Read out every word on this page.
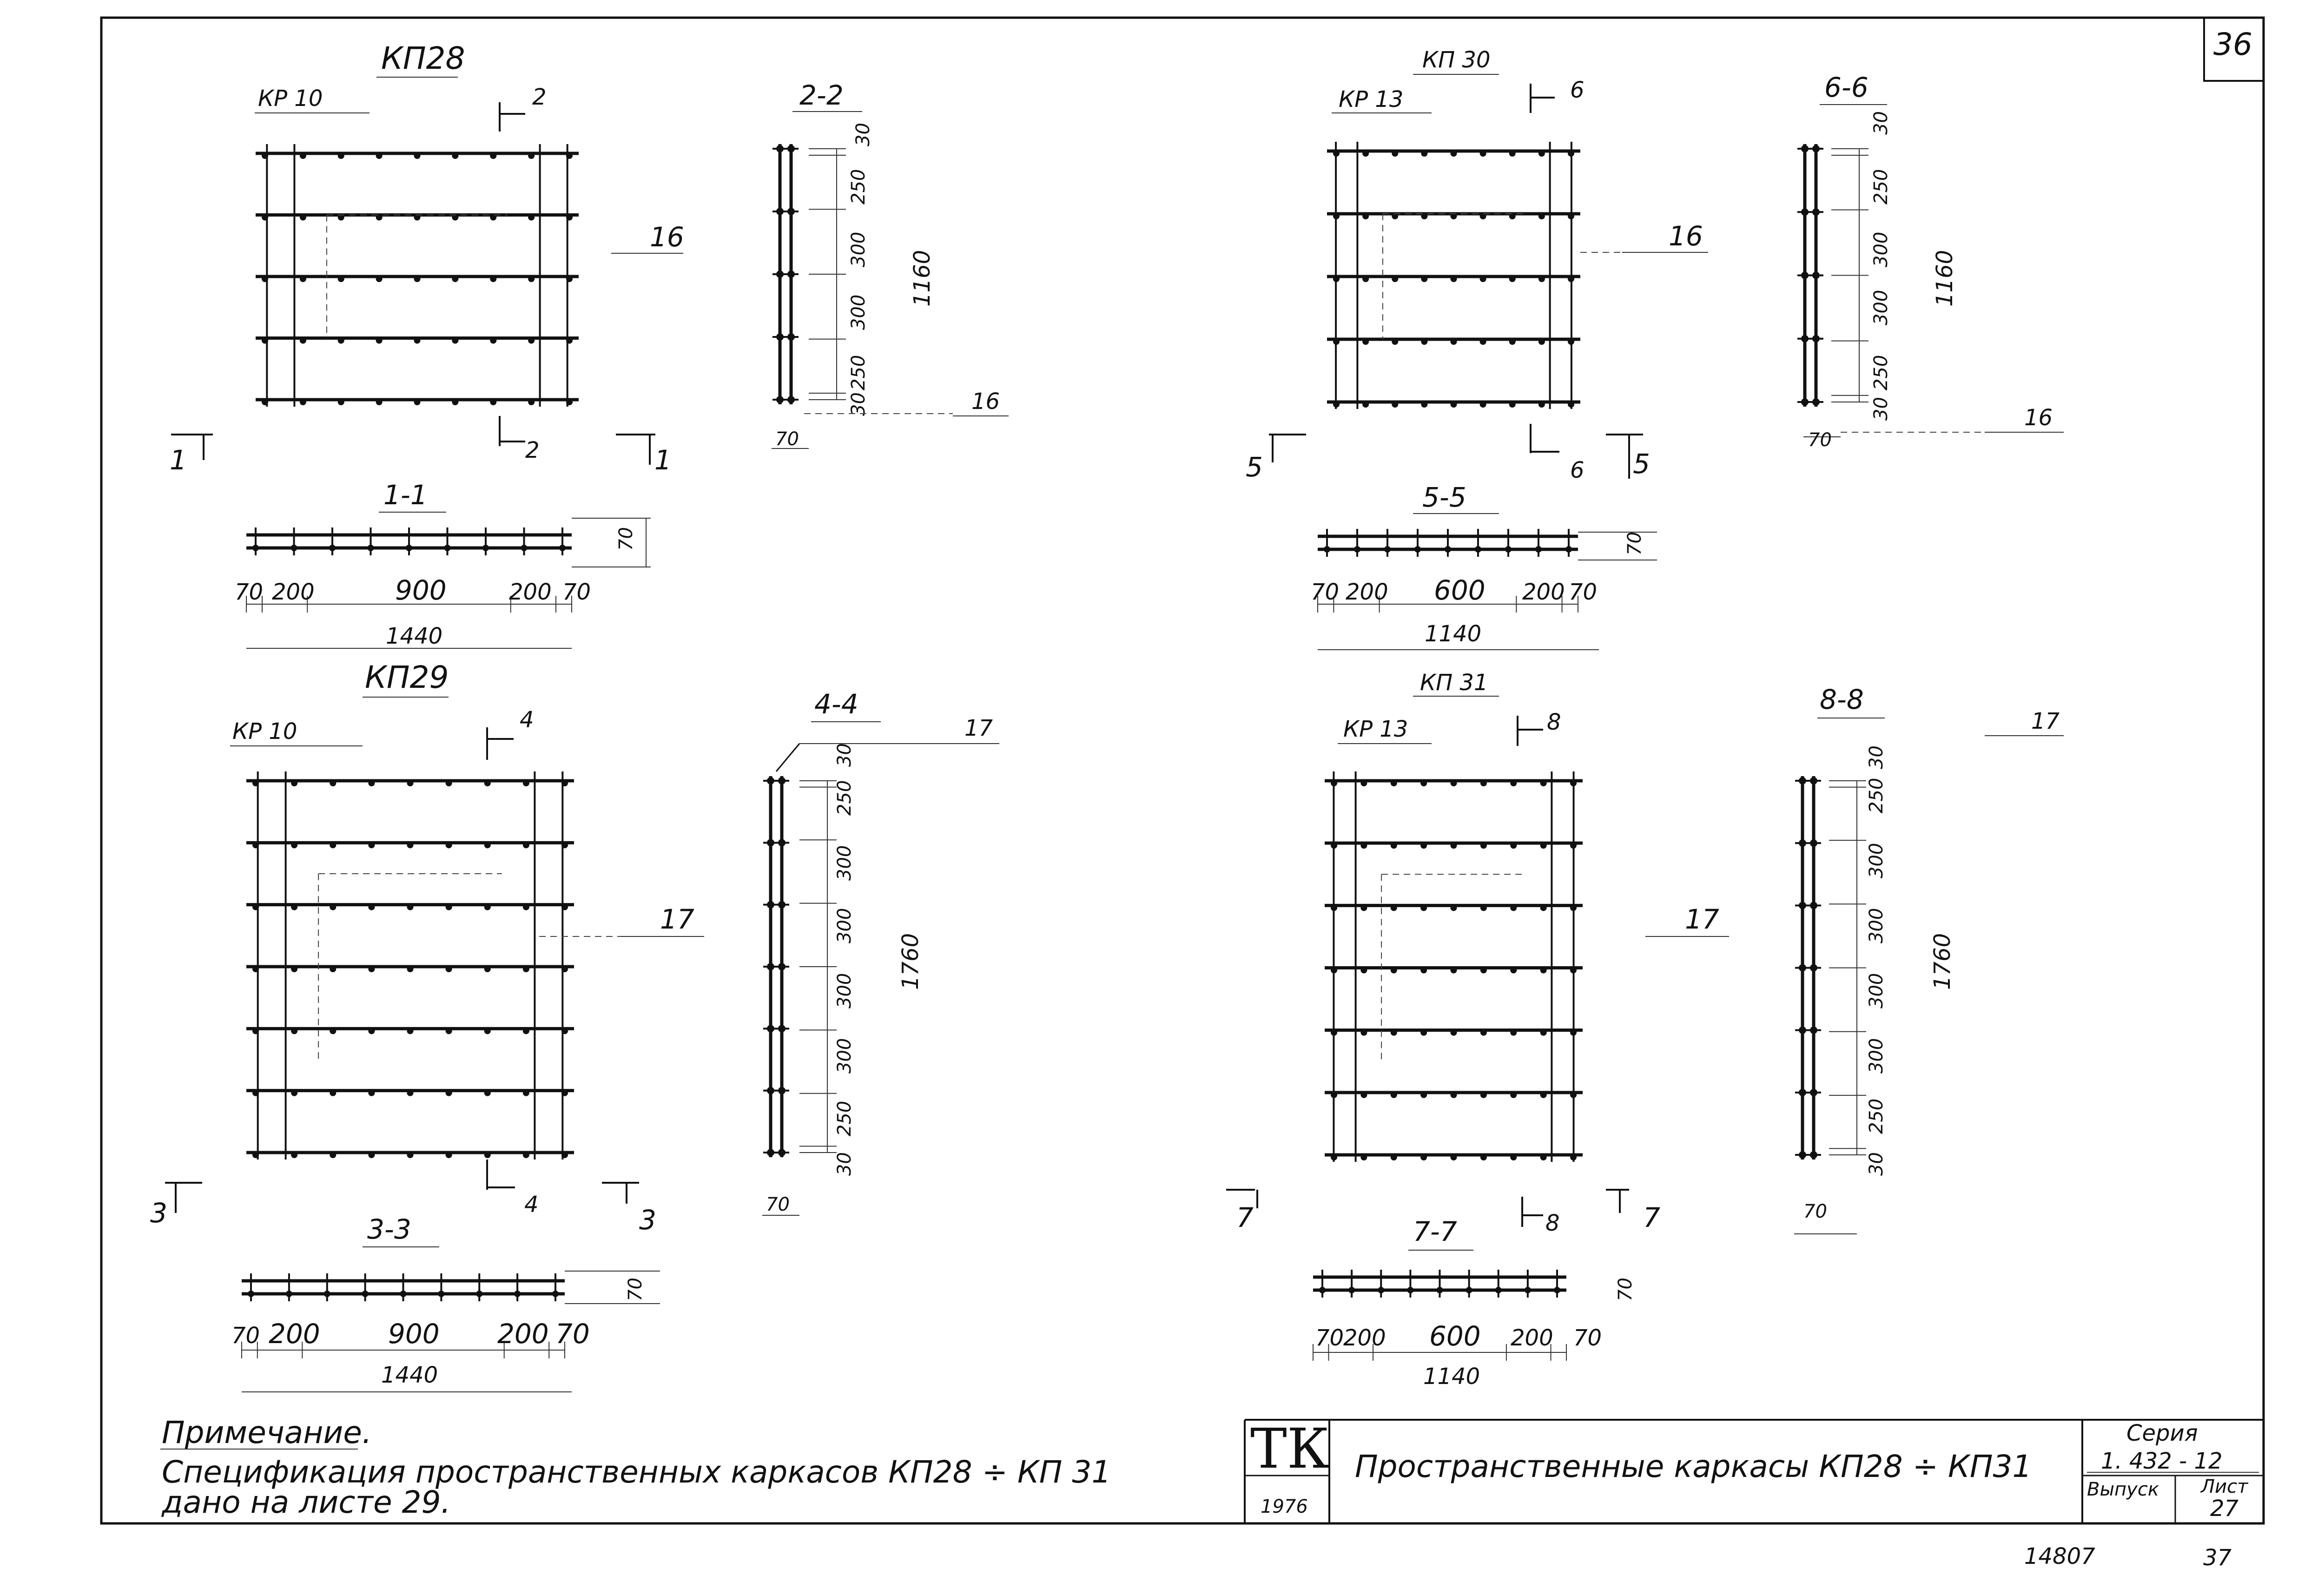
36
КП28
КР 10	2
2
1	1
16
КП 30
КР 13	6
6
5	5
16
КП29
КР 10	4
4
3	3
17
КП 31
КР 13	8
8
7	7
17
2-2
30
250
300
300
250
30
1160
70
16
6-6
30
250
300
300
250
30
1160
70
16
4-4
30
250
300
300
300
300
250
30
1760
70
17
8-8
30
250
300
300
300
300
250
30
1760
70
17
1-1
70
70 200	900	200 70
1440
5-5
70
70 200 600 200 70
1140
3-3
70
70 200	900 200 70
1440
7-7
70
70
200 600 200 70
1140
Примечание.
Спецификация пространственных каркасов КП28 ÷ КП 31
дано на листе 29.
ТК
1976
Пространственные каркасы КП28 ÷ КП31
Серия
1. 432 - 12
Выпуск Лист
27
14807	37
